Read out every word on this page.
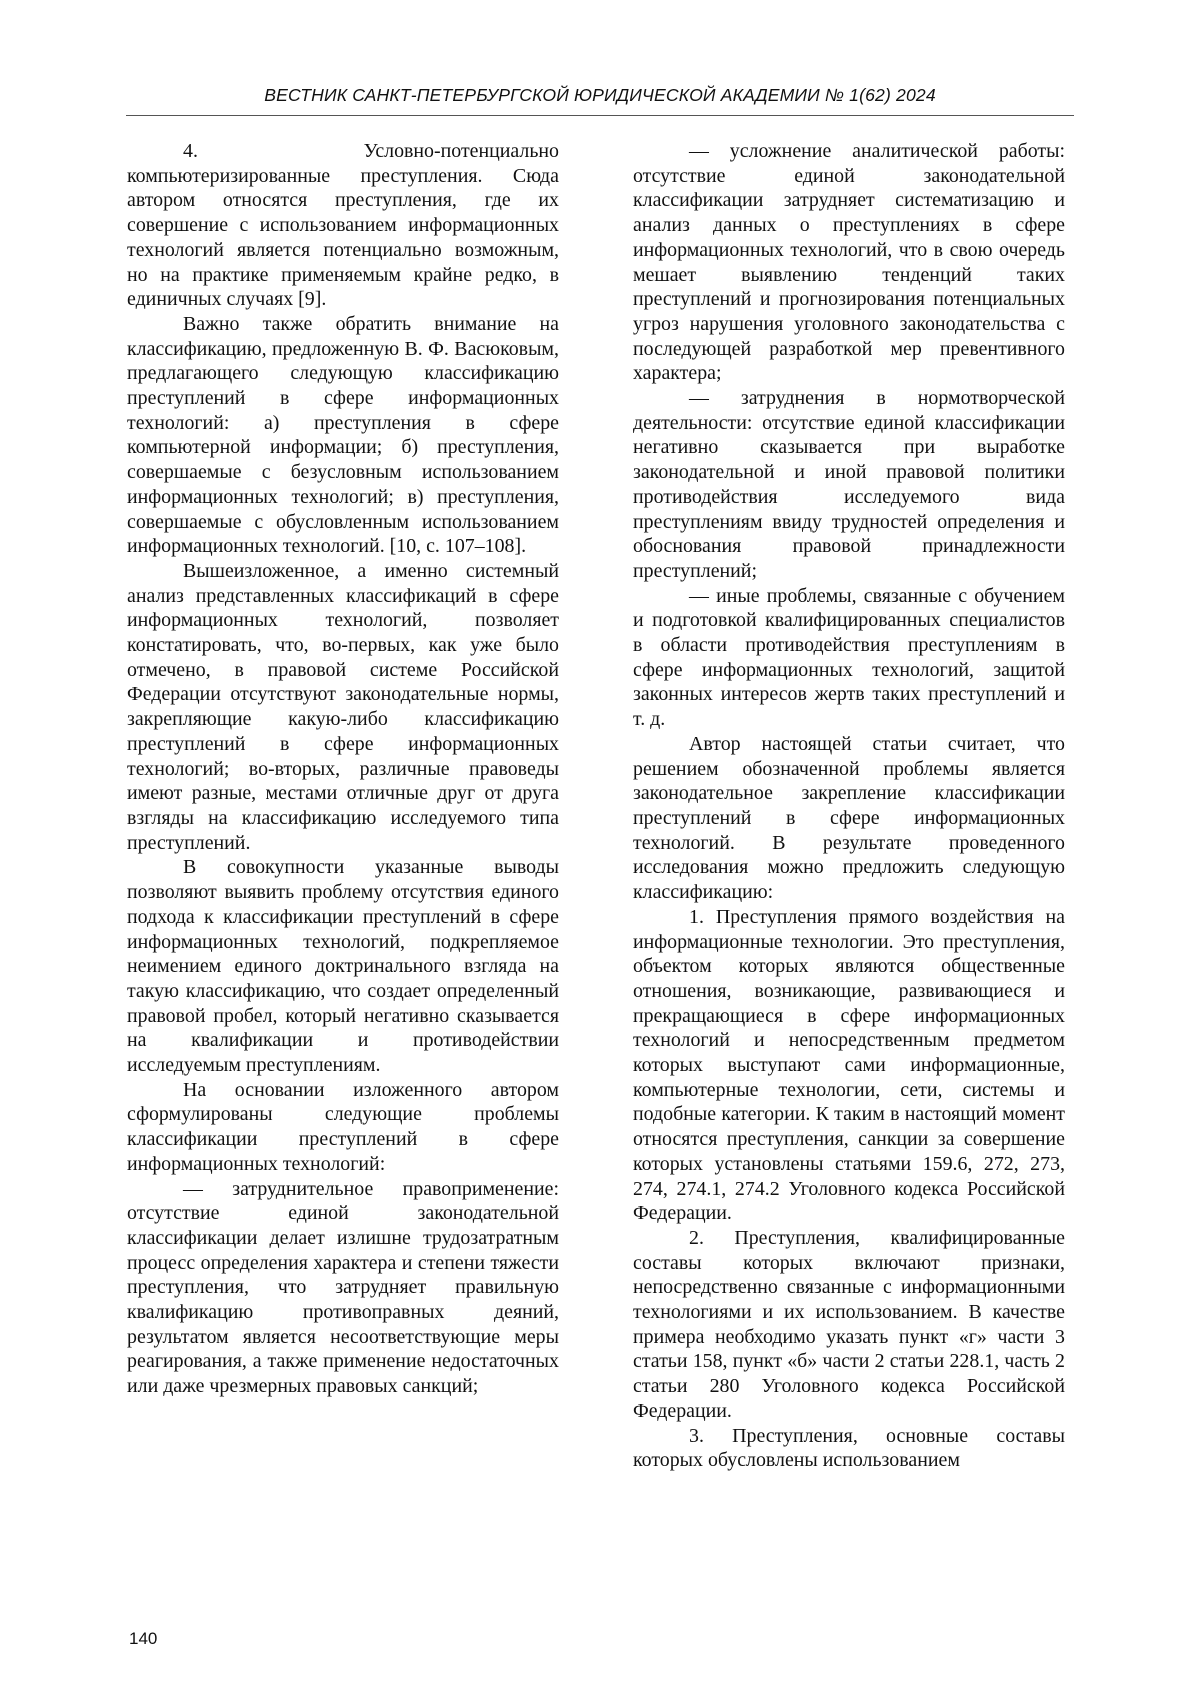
ВЕСТНИК САНКТ-ПЕТЕРБУРГСКОЙ ЮРИДИЧЕСКОЙ АКАДЕМИИ № 1(62) 2024

4.    Условно-потенциально компьютеризированные преступления. Сюда автором относятся преступления, где их совершение с использованием информационных технологий является потенциально возможным, но на практике применяемым крайне редко, в единичных случаях [9].

Важно также обратить внимание на классификацию, предложенную В. Ф. Васюковым, предлагающего следующую классификацию преступлений в сфере информационных технологий: а) преступления в сфере компьютерной информации; б) преступления, совершаемые с безусловным использованием информационных технологий; в) преступления, совершаемые с обусловленным использованием информационных технологий. [10, с. 107–108].

Вышеизложенное, а именно системный анализ представленных классификаций в сфере информационных технологий, позволяет констатировать, что, во-первых, как уже было отмечено, в правовой системе Российской Федерации отсутствуют законодательные нормы, закрепляющие какую-либо классификацию преступлений в сфере информационных технологий; во-вторых, различные правоведы имеют разные, местами отличные друг от друга взгляды на классификацию исследуемого типа преступлений.

В совокупности указанные выводы позволяют выявить проблему отсутствия единого подхода к классификации преступлений в сфере информационных технологий, подкрепляемое неимением единого доктринального взгляда на такую классификацию, что создает определенный правовой пробел, который негативно сказывается на квалификации и противодействии исследуемым преступлениям.

На основании изложенного автором сформулированы следующие проблемы классификации преступлений в сфере информационных технологий:

— затруднительное правоприменение: отсутствие единой законодательной классификации делает излишне трудозатратным процесс определения характера и степени тяжести преступления, что затрудняет правильную квалификацию противоправных деяний, результатом является несоответствующие меры реагирования, а также применение недостаточных или даже чрезмерных правовых санкций;

— усложнение аналитической работы: отсутствие единой законодательной классификации затрудняет систематизацию и анализ данных о преступлениях в сфере информационных технологий, что в свою очередь мешает выявлению тенденций таких преступлений и прогнозирования потенциальных угроз нарушения уголовного законодательства с последующей разработкой мер превентивного характера;

— затруднения в нормотворческой деятельности: отсутствие единой классификации негативно сказывается при выработке законодательной и иной правовой политики противодействия исследуемого вида преступлениям ввиду трудностей определения и обоснования правовой принадлежности преступлений;

— иные проблемы, связанные с обучением и подготовкой квалифицированных специалистов в области противодействия преступлениям в сфере информационных технологий, защитой законных интересов жертв таких преступлений и т. д.

Автор настоящей статьи считает, что решением обозначенной проблемы является законодательное закрепление классификации преступлений в сфере информационных технологий. В результате проведенного исследования можно предложить следующую классификацию:

1. Преступления прямого воздействия на информационные технологии. Это преступления, объектом которых являются общественные отношения, возникающие, развивающиеся и прекращающиеся в сфере информационных технологий и непосредственным предметом которых выступают сами информационные, компьютерные технологии, сети, системы и подобные категории. К таким в настоящий момент относятся преступления, санкции за совершение которых установлены статьями 159.6, 272, 273, 274, 274.1, 274.2 Уголовного кодекса Российской Федерации.

2. Преступления, квалифицированные составы которых включают признаки, непосредственно связанные с информационными технологиями и их использованием. В качестве примера необходимо указать пункт «г» части 3 статьи 158, пункт «б» части 2 статьи 228.1, часть 2 статьи 280 Уголовного кодекса Российской Федерации.

3. Преступления, основные составы которых обусловлены использованием

140
